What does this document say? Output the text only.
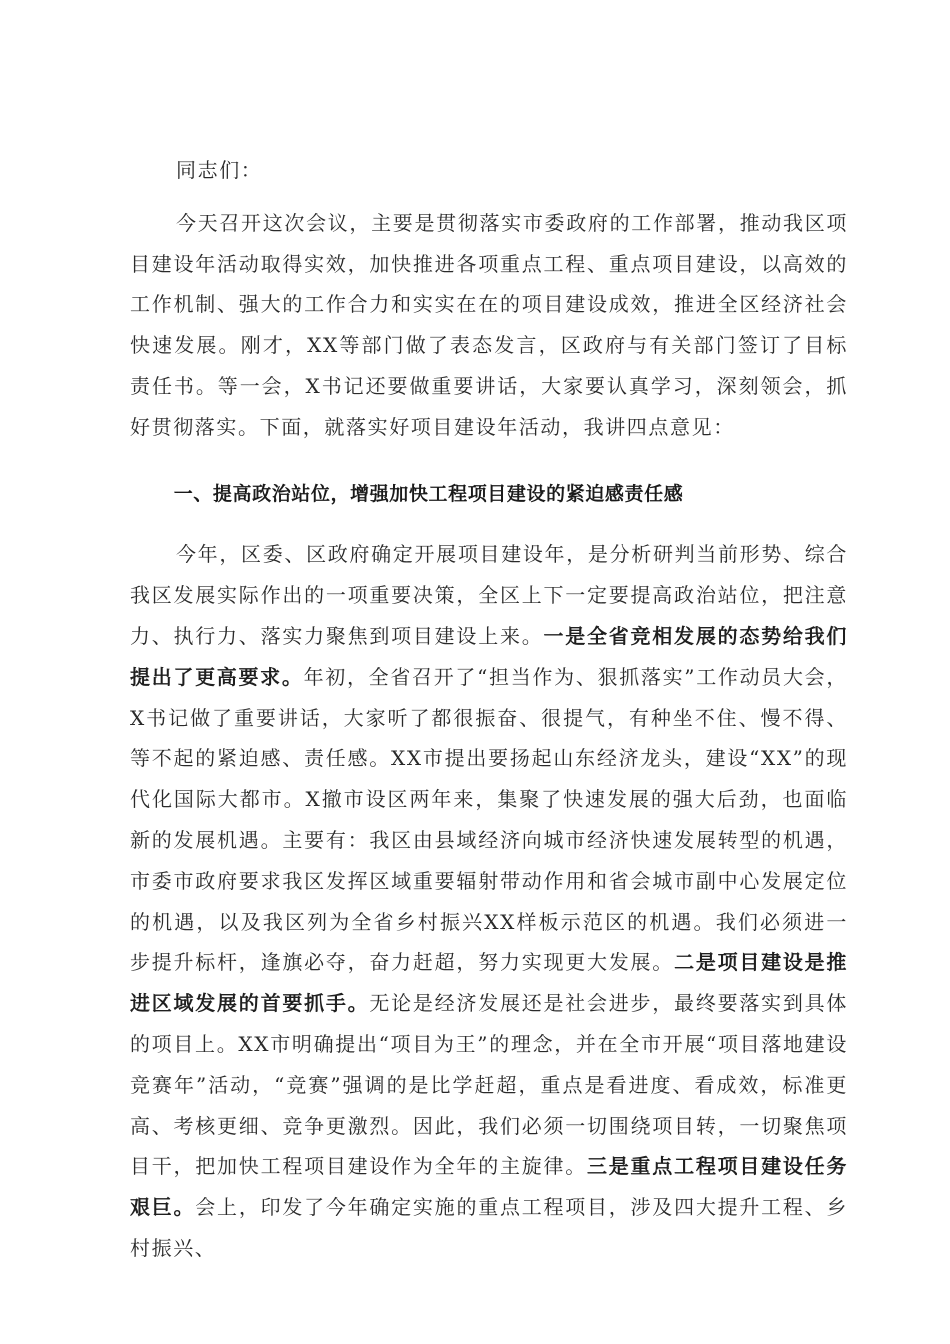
同志们：

今天召开这次会议，主要是贯彻落实市委政府的工作部署，推动我区项目建设年活动取得实效，加快推进各项重点工程、重点项目建设，以高效的工作机制、强大的工作合力和实实在在的项目建设成效，推进全区经济社会快速发展。刚才，XX等部门做了表态发言，区政府与有关部门签订了目标责任书。等一会，X书记还要做重要讲话，大家要认真学习，深刻领会，抓好贯彻落实。下面，就落实好项目建设年活动，我讲四点意见：

一、提高政治站位，增强加快工程项目建设的紧迫感责任感

今年，区委、区政府确定开展项目建设年，是分析研判当前形势、综合我区发展实际作出的一项重要决策，全区上下一定要提高政治站位，把注意力、执行力、落实力聚焦到项目建设上来。一是全省竞相发展的态势给我们提出了更高要求。年初，全省召开了“担当作为、狠抓落实”工作动员大会，X书记做了重要讲话，大家听了都很振奋、很提气，有种坐不住、慢不得、等不起的紧迫感、责任感。XX市提出要扬起山东经济龙头，建设“XX”的现代化国际大都市。X撤市设区两年来，集聚了快速发展的强大后劲，也面临新的发展机遇。主要有：我区由县域经济向城市经济快速发展转型的机遇，市委市政府要求我区发挥区域重要辐射带动作用和省会城市副中心发展定位的机遇，以及我区列为全省乡村振兴XX样板示范区的机遇。我们必须进一步提升标杆，逢旗必夺，奋力赶超，努力实现更大发展。二是项目建设是推进区域发展的首要抓手。无论是经济发展还是社会进步，最终要落实到具体的项目上。XX市明确提出“项目为王”的理念，并在全市开展“项目落地建设竞赛年”活动，“竞赛”强调的是比学赶超，重点是看进度、看成效，标准更高、考核更细、竞争更激烈。因此，我们必须一切围绕项目转，一切聚焦项目干，把加快工程项目建设作为全年的主旋律。三是重点工程项目建设任务艰巨。会上，印发了今年确定实施的重点工程项目，涉及四大提升工程、乡村振兴、
